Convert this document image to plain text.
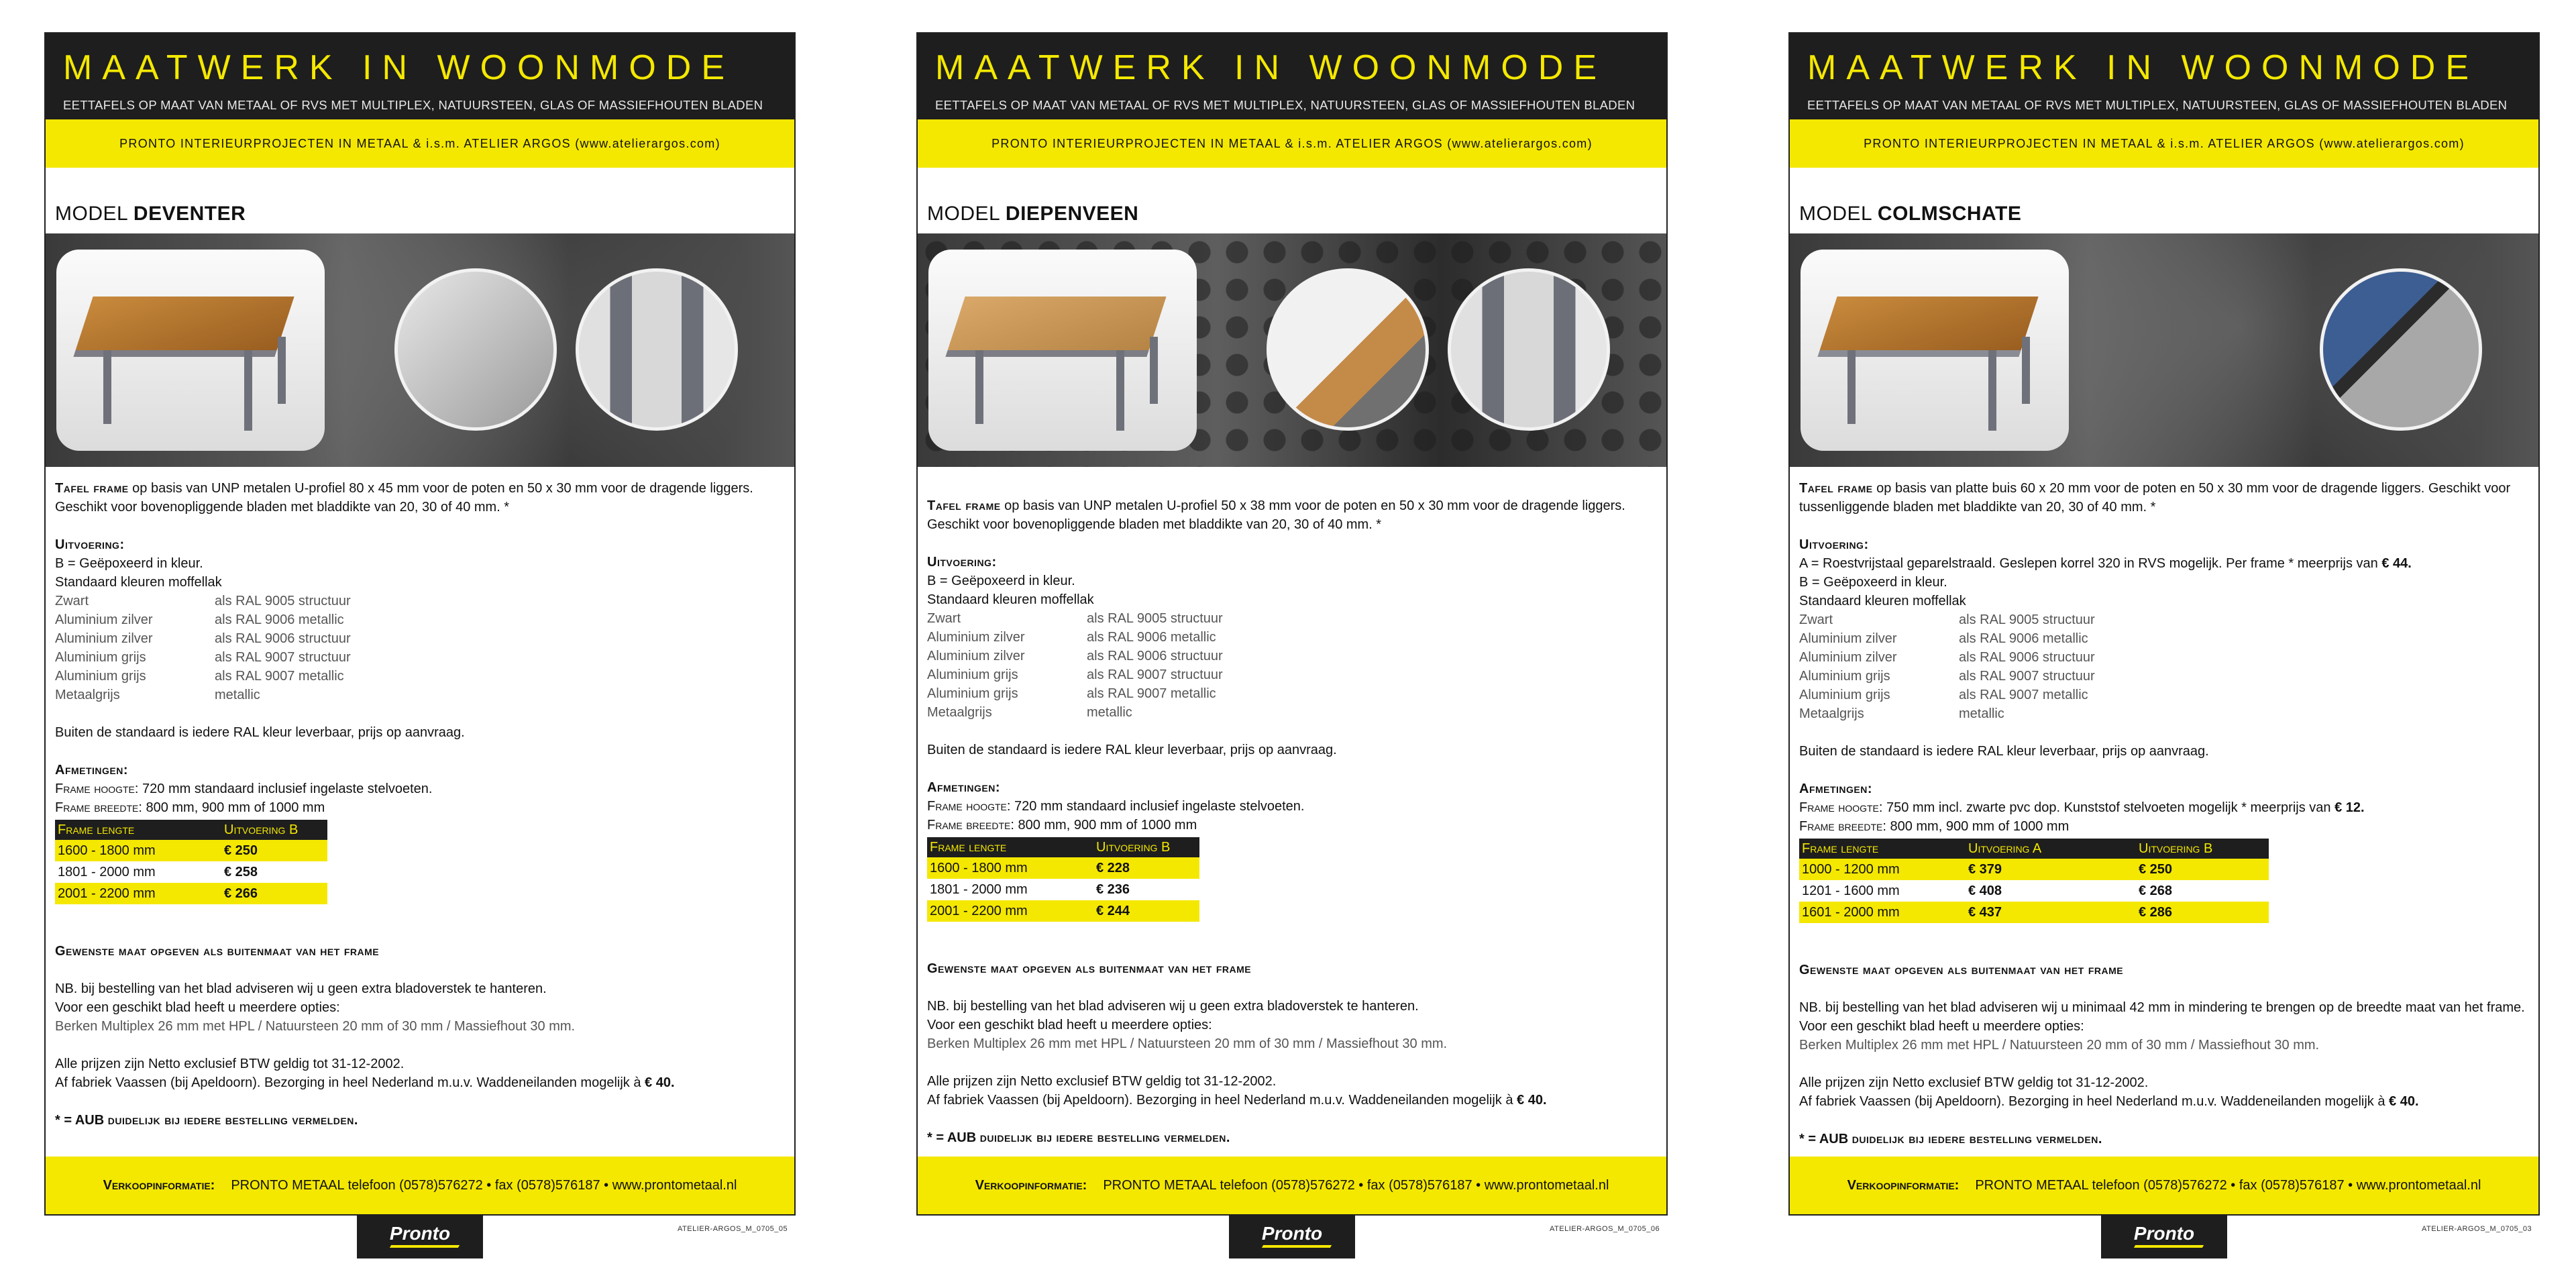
MAATWERK IN WOONMODE
EETTAFELS OP MAAT VAN METAAL OF RVS MET MULTIPLEX, NATUURSTEEN, GLAS OF MASSIEFHOUTEN BLADEN
PRONTO INTERIEURPROJECTEN IN METAAL & i.s.m. ATELIER ARGOS (www.atelierargos.com)
MODEL DEVENTER

Tafel frame op basis van UNP metalen U-profiel 80 x 45 mm voor de poten en 50 x 30 mm voor de dragende liggers. Geschikt voor bovenopliggende bladen met bladdikte van 20, 30 of 40 mm. *

Uitvoering:

B = Geëpoxeerd in kleur.

Standaard kleuren moffellak

Zwart	als RAL 9005 structuur
Aluminium zilver	als RAL 9006 metallic
Aluminium zilver	als RAL 9006 structuur
Aluminium grijs	als RAL 9007 structuur
Aluminium grijs	als RAL 9007 metallic
Metaalgrijs	metallic

Buiten de standaard is iedere RAL kleur leverbaar, prijs op aanvraag.

Afmetingen:

Frame hoogte: 720 mm standaard inclusief ingelaste stelvoeten.

Frame breedte: 800 mm, 900 mm of 1000 mm

Frame lengte	Uitvoering B
1600 - 1800 mm	€ 250
1801 - 2000 mm	€ 258
2001 - 2200 mm	€ 266

Gewenste maat opgeven als buitenmaat van het frame

NB. bij bestelling van het blad adviseren wij u geen extra bladoverstek te hanteren.

Voor een geschikt blad heeft u meerdere opties:

Berken Multiplex 26 mm met HPL / Natuursteen 20 mm of 30 mm / Massiefhout 30 mm.

Alle prijzen zijn Netto exclusief BTW geldig tot 31-12-2002.

Af fabriek Vaassen (bij Apeldoorn). Bezorging in heel Nederland m.u.v. Waddeneilanden mogelijk à € 40.

* = AUB duidelijk bij iedere bestelling vermelden.

Verkoopinformatie: PRONTO METAAL telefoon (0578)576272 • fax (0578)576187 • www.prontometaal.nl
Pronto	ATELIER-ARGOS_M_0705_05
MAATWERK IN WOONMODE
EETTAFELS OP MAAT VAN METAAL OF RVS MET MULTIPLEX, NATUURSTEEN, GLAS OF MASSIEFHOUTEN BLADEN
PRONTO INTERIEURPROJECTEN IN METAAL & i.s.m. ATELIER ARGOS (www.atelierargos.com)
MODEL DIEPENVEEN

Tafel frame op basis van UNP metalen U-profiel 50 x 38 mm voor de poten en 50 x 30 mm voor de dragende liggers. Geschikt voor bovenopliggende bladen met bladdikte van 20, 30 of 40 mm. *

Uitvoering:

B = Geëpoxeerd in kleur.

Standaard kleuren moffellak

Zwart	als RAL 9005 structuur
Aluminium zilver	als RAL 9006 metallic
Aluminium zilver	als RAL 9006 structuur
Aluminium grijs	als RAL 9007 structuur
Aluminium grijs	als RAL 9007 metallic
Metaalgrijs	metallic

Buiten de standaard is iedere RAL kleur leverbaar, prijs op aanvraag.

Afmetingen:

Frame hoogte: 720 mm standaard inclusief ingelaste stelvoeten.

Frame breedte: 800 mm, 900 mm of 1000 mm

Frame lengte	Uitvoering B
1600 - 1800 mm	€ 228
1801 - 2000 mm	€ 236
2001 - 2200 mm	€ 244

Gewenste maat opgeven als buitenmaat van het frame

NB. bij bestelling van het blad adviseren wij u geen extra bladoverstek te hanteren.

Voor een geschikt blad heeft u meerdere opties:

Berken Multiplex 26 mm met HPL / Natuursteen 20 mm of 30 mm / Massiefhout 30 mm.

Alle prijzen zijn Netto exclusief BTW geldig tot 31-12-2002.

Af fabriek Vaassen (bij Apeldoorn). Bezorging in heel Nederland m.u.v. Waddeneilanden mogelijk à € 40.

* = AUB duidelijk bij iedere bestelling vermelden.

Verkoopinformatie: PRONTO METAAL telefoon (0578)576272 • fax (0578)576187 • www.prontometaal.nl
Pronto	ATELIER-ARGOS_M_0705_06
MAATWERK IN WOONMODE
EETTAFELS OP MAAT VAN METAAL OF RVS MET MULTIPLEX, NATUURSTEEN, GLAS OF MASSIEFHOUTEN BLADEN
PRONTO INTERIEURPROJECTEN IN METAAL & i.s.m. ATELIER ARGOS (www.atelierargos.com)
MODEL COLMSCHATE

Tafel frame op basis van platte buis 60 x 20 mm voor de poten en 50 x 30 mm voor de dragende liggers. Geschikt voor tussenliggende bladen met bladdikte van 20, 30 of 40 mm. *

Uitvoering:

A = Roestvrijstaal geparelstraald. Geslepen korrel 320 in RVS mogelijk. Per frame * meerprijs van € 44.

B = Geëpoxeerd in kleur.

Standaard kleuren moffellak

Zwart	als RAL 9005 structuur
Aluminium zilver	als RAL 9006 metallic
Aluminium zilver	als RAL 9006 structuur
Aluminium grijs	als RAL 9007 structuur
Aluminium grijs	als RAL 9007 metallic
Metaalgrijs	metallic

Buiten de standaard is iedere RAL kleur leverbaar, prijs op aanvraag.

Afmetingen:

Frame hoogte: 750 mm incl. zwarte pvc dop. Kunststof stelvoeten mogelijk * meerprijs van € 12.

Frame breedte: 800 mm, 900 mm of 1000 mm

Frame lengte	Uitvoering A	Uitvoering B
1000 - 1200 mm	€ 379	€ 250
1201 - 1600 mm	€ 408	€ 268
1601 - 2000 mm	€ 437	€ 286

Gewenste maat opgeven als buitenmaat van het frame

NB. bij bestelling van het blad adviseren wij u minimaal 42 mm in mindering te brengen op de breedte maat van het frame.

Voor een geschikt blad heeft u meerdere opties:

Berken Multiplex 26 mm met HPL / Natuursteen 20 mm of 30 mm / Massiefhout 30 mm.

Alle prijzen zijn Netto exclusief BTW geldig tot 31-12-2002.

Af fabriek Vaassen (bij Apeldoorn). Bezorging in heel Nederland m.u.v. Waddeneilanden mogelijk à € 40.

* = AUB duidelijk bij iedere bestelling vermelden.

Verkoopinformatie: PRONTO METAAL telefoon (0578)576272 • fax (0578)576187 • www.prontometaal.nl
Pronto	ATELIER-ARGOS_M_0705_03
